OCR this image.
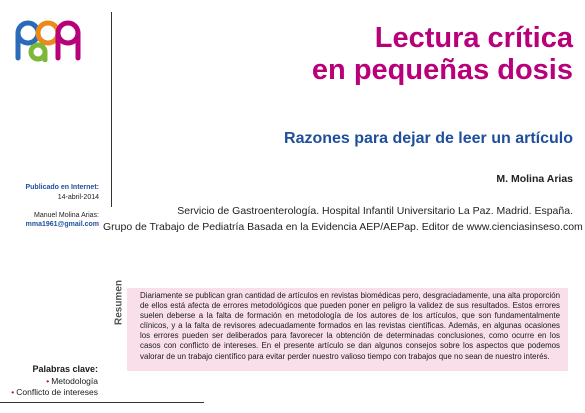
Lectura crítica
en pequeñas dosis
Razones para dejar de leer un artículo
M. Molina Arias
Servicio de Gastroenterología. Hospital Infantil Universitario La Paz. Madrid. España.
Grupo de Trabajo de Pediatría Basada en la Evidencia AEP/AEPap. Editor de www.cienciasinseso.com
Publicado en Internet:
14-abril-2014
Manuel Molina Arias:
mma1961@gmail.com
Resumen Diariamente se publican gran cantidad de artículos en revistas biomédicas pero, desgraciadamente, una alta proporción de ellos está afecta de errores metodológicos que pueden poner en peligro la validez de sus resultados. Estos errores suelen deberse a la falta de formación en metodología de los autores de los artículos, que son fundamentalmente clínicos, y a la falta de revisores adecuadamente formados en las revistas científicas. Además, en algunas ocasiones los errores pueden ser deliberados para favorecer la obtención de determinadas conclusiones, como ocurre en los casos con conflicto de intereses. En el presente artículo se dan algunos consejos sobre los aspectos que podemos valorar de un trabajo científico para evitar perder nuestro valioso tiempo con trabajos que no sean de nuestro interés.
Palabras clave:
• Metodología
• Conflicto de intereses
